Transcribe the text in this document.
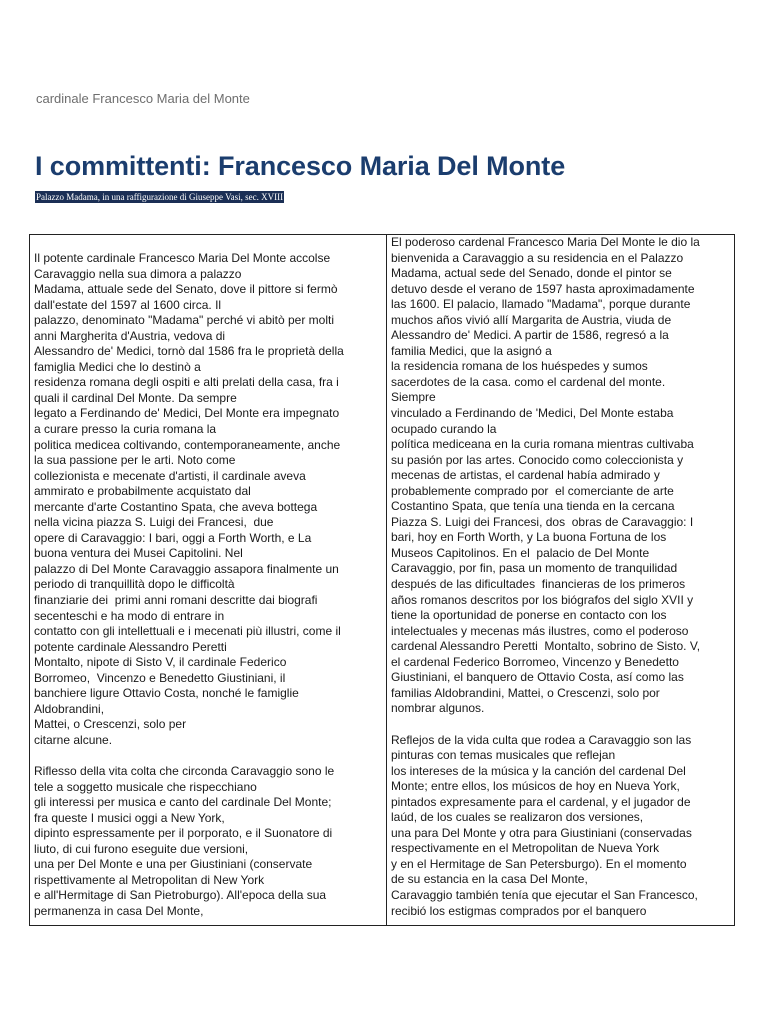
cardinale Francesco Maria del Monte
I committenti: Francesco Maria Del Monte
Palazzo Madama, in una raffigurazione di Giuseppe Vasi, sec. XVIII
Il potente cardinale Francesco Maria Del Monte accolse
Caravaggio nella sua dimora a palazzo
Madama, attuale sede del Senato, dove il pittore si fermò
dall'estate del 1597 al 1600 circa. Il
palazzo, denominato "Madama" perché vi abitò per molti
anni Margherita d'Austria, vedova di
Alessandro de' Medici, tornò dal 1586 fra le proprietà della
famiglia Medici che lo destinò a
residenza romana degli ospiti e alti prelati della casa, fra i
quali il cardinal Del Monte. Da sempre
legato a Ferdinando de' Medici, Del Monte era impegnato
a curare presso la curia romana la
politica medicea coltivando, contemporaneamente, anche
la sua passione per le arti. Noto come
collezionista e mecenate d'artisti, il cardinale aveva
ammirato e probabilmente acquistato dal
mercante d'arte Costantino Spata, che aveva bottega
nella vicina piazza S. Luigi dei Francesi,  due
opere di Caravaggio: I bari, oggi a Forth Worth, e La
buona ventura dei Musei Capitolini. Nel
palazzo di Del Monte Caravaggio assapora finalmente un
periodo di tranquillità dopo le difficoltà
finanziarie dei  primi anni romani descritte dai biografi
secenteschi e ha modo di entrare in
contatto con gli intellettuali e i mecenati più illustri, come il
potente cardinale Alessandro Peretti
Montalto, nipote di Sisto V, il cardinale Federico
Borromeo,  Vincenzo e Benedetto Giustiniani, il
banchiere ligure Ottavio Costa, nonché le famiglie
Aldobrandini,
Mattei, o Crescenzi, solo per
citarne alcune.

Riflesso della vita colta che circonda Caravaggio sono le
tele a soggetto musicale che rispecchiano
gli interessi per musica e canto del cardinale Del Monte;
fra queste I musici oggi a New York,
dipinto espressamente per il porporato, e il Suonatore di
liuto, di cui furono eseguite due versioni,
una per Del Monte e una per Giustiniani (conservate
rispettivamente al Metropolitan di New York
e all'Hermitage di San Pietroburgo). All'epoca della sua
permanenza in casa Del Monte,
El poderoso cardenal Francesco Maria Del Monte le dio la
bienvenida a Caravaggio a su residencia en el Palazzo
Madama, actual sede del Senado, donde el pintor se
detuvo desde el verano de 1597 hasta aproximadamente
las 1600. El palacio, llamado "Madama", porque durante
muchos años vivió allí Margarita de Austria, viuda de
Alessandro de' Medici. A partir de 1586, regresó a la
familia Medici, que la asignó a
la residencia romana de los huéspedes y sumos
sacerdotes de la casa. como el cardenal del monte.
Siempre
vinculado a Ferdinando de 'Medici, Del Monte estaba
ocupado curando la
política mediceana en la curia romana mientras cultivaba
su pasión por las artes. Conocido como coleccionista y
mecenas de artistas, el cardenal había admirado y
probablemente comprado por  el comerciante de arte
Costantino Spata, que tenía una tienda en la cercana
Piazza S. Luigi dei Francesi, dos  obras de Caravaggio: I
bari, hoy en Forth Worth, y La buona Fortuna de los
Museos Capitolinos. En el  palacio de Del Monte
Caravaggio, por fin, pasa un momento de tranquilidad
después de las dificultades  financieras de los primeros
años romanos descritos por los biógrafos del siglo XVII y
tiene la oportunidad de ponerse en contacto con los
intelectuales y mecenas más ilustres, como el poderoso
cardenal Alessandro Peretti  Montalto, sobrino de Sisto. V,
el cardenal Federico Borromeo, Vincenzo y Benedetto
Giustiniani, el banquero de Ottavio Costa, así como las
familias Aldobrandini, Mattei, o Crescenzi, solo por
nombrar algunos.

Reflejos de la vida culta que rodea a Caravaggio son las
pinturas con temas musicales que reflejan
los intereses de la música y la canción del cardenal Del
Monte; entre ellos, los músicos de hoy en Nueva York,
pintados expresamente para el cardenal, y el jugador de
laúd, de los cuales se realizaron dos versiones,
una para Del Monte y otra para Giustiniani (conservadas
respectivamente en el Metropolitan de Nueva York
y en el Hermitage de San Petersburgo). En el momento
de su estancia en la casa Del Monte,
Caravaggio también tenía que ejecutar el San Francesco,
recibió los estigmas comprados por el banquero
